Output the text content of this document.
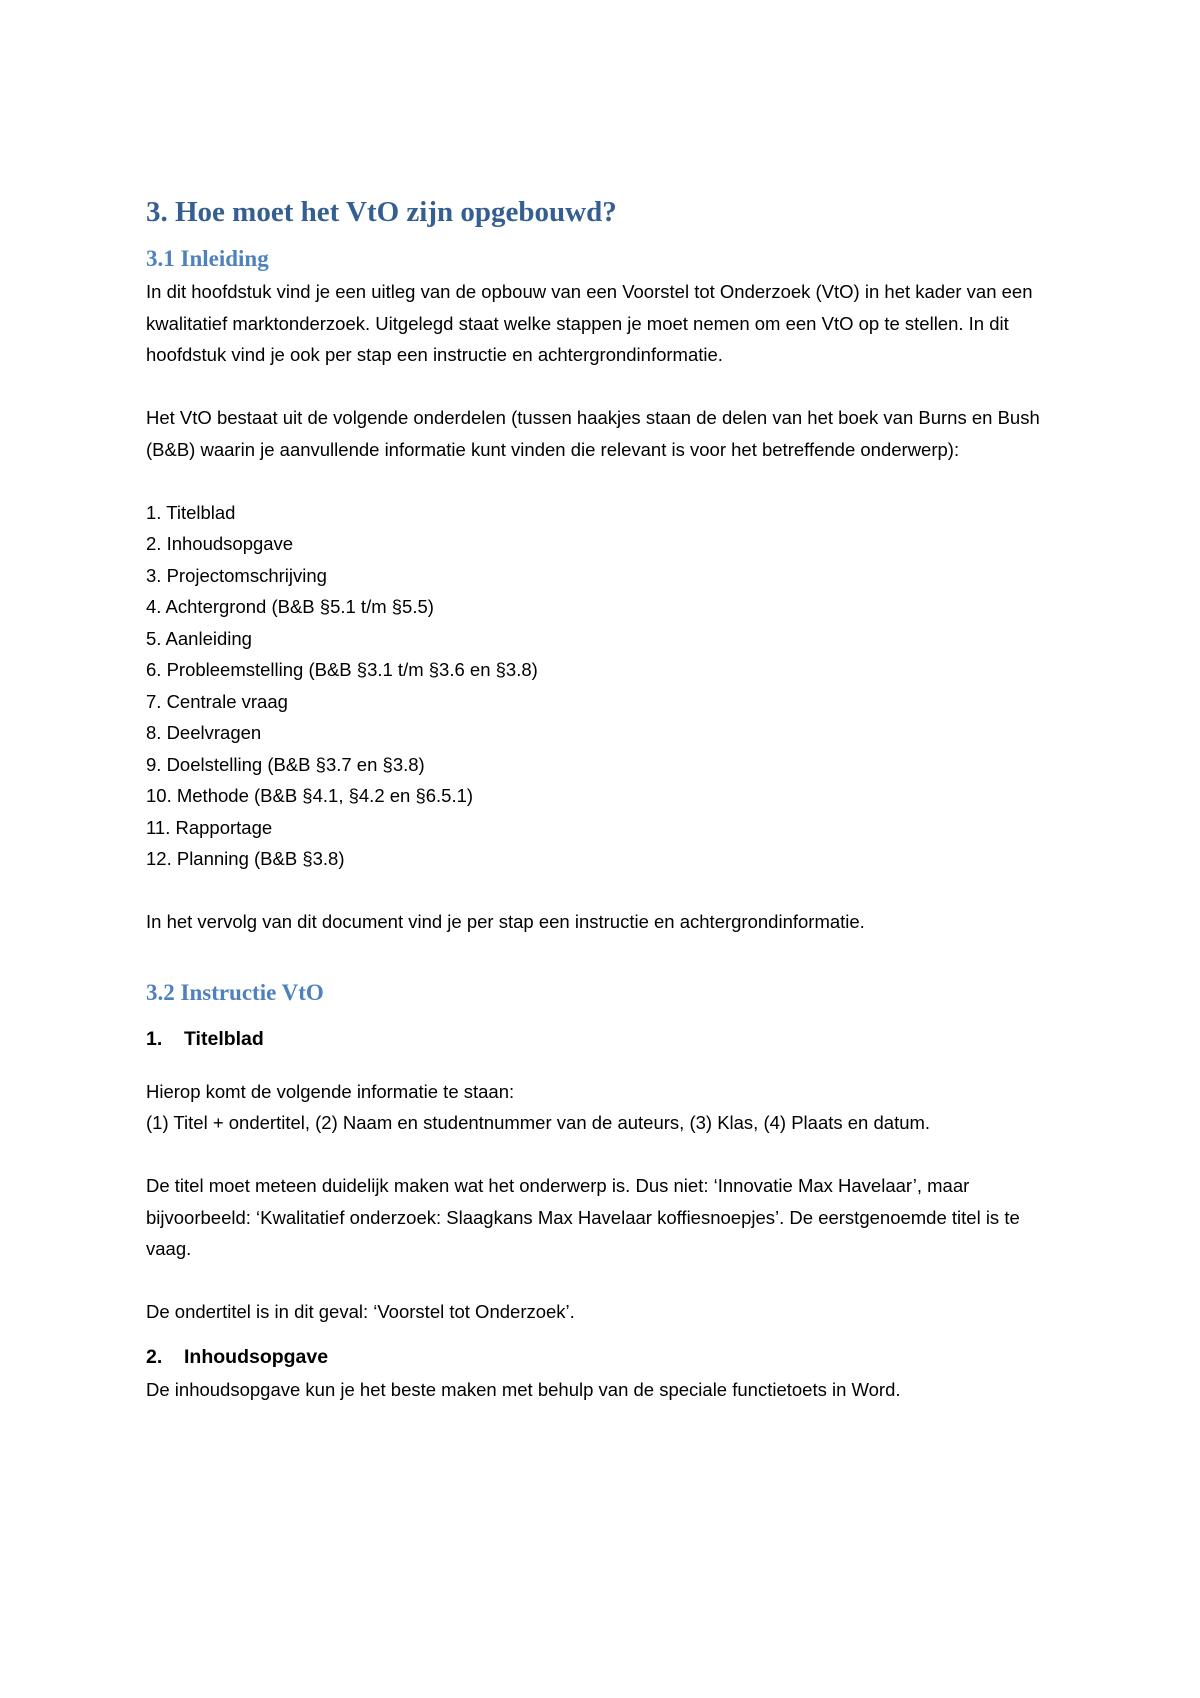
3. Hoe moet het VtO zijn opgebouwd?
3.1 Inleiding

In dit hoofdstuk vind je een uitleg van de opbouw van een Voorstel tot Onderzoek (VtO) in het kader van een kwalitatief marktonderzoek. Uitgelegd staat welke stappen je moet nemen om een VtO op te stellen. In dit hoofdstuk vind je ook per stap een instructie en achtergrondinformatie.

Het VtO bestaat uit de volgende onderdelen (tussen haakjes staan de delen van het boek van Burns en Bush (B&B) waarin je aanvullende informatie kunt vinden die relevant is voor het betreffende onderwerp):

1. Titelblad
2. Inhoudsopgave
3. Projectomschrijving
4. Achtergrond (B&B §5.1 t/m §5.5)
5. Aanleiding
6. Probleemstelling (B&B §3.1 t/m §3.6 en §3.8)
7. Centrale vraag
8. Deelvragen
9. Doelstelling (B&B §3.7 en §3.8)
10. Methode (B&B §4.1, §4.2 en §6.5.1)
11. Rapportage
12. Planning (B&B §3.8)

In het vervolg van dit document vind je per stap een instructie en achtergrondinformatie.

3.2 Instructie VtO
1.	Titelblad

Hierop komt de volgende informatie te staan:

(1) Titel + ondertitel, (2) Naam en studentnummer van de auteurs, (3) Klas, (4) Plaats en datum.

De titel moet meteen duidelijk maken wat het onderwerp is. Dus niet: ‘Innovatie Max Havelaar’, maar bijvoorbeeld: ‘Kwalitatief onderzoek: Slaagkans Max Havelaar koffiesnoepjes’. De eerstgenoemde titel is te vaag.

De ondertitel is in dit geval: ‘Voorstel tot Onderzoek’.

2.	Inhoudsopgave

De inhoudsopgave kun je het beste maken met behulp van de speciale functietoets in Word.
